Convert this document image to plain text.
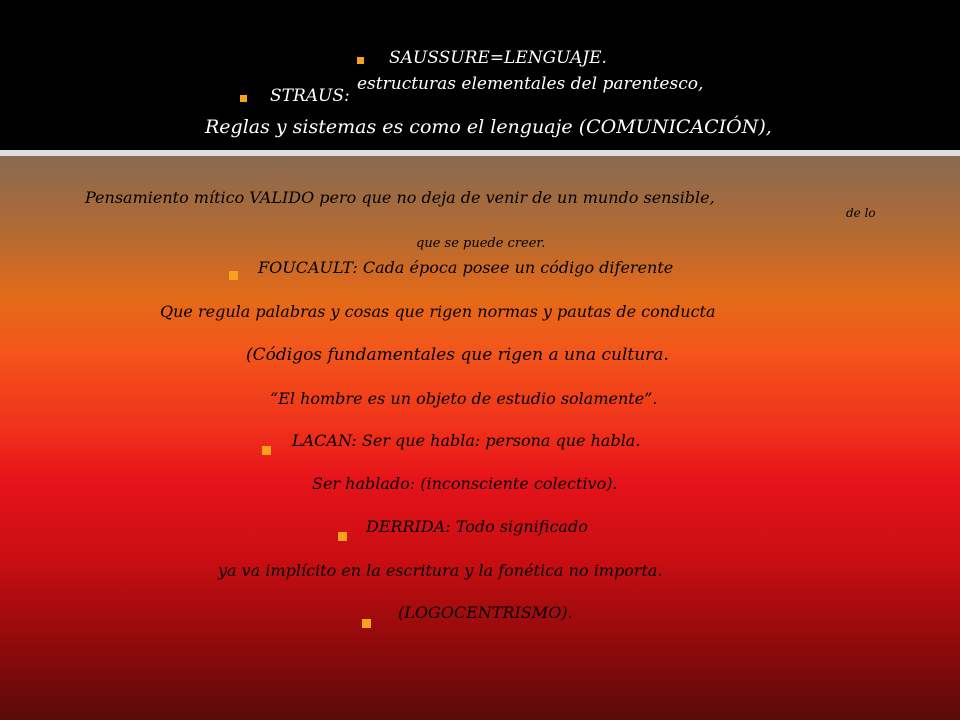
SAUSSURE=LENGUAJE.
STRAUS:
estructuras elementales del parentesco,
Reglas y sistemas es como el lenguaje (COMUNICACIÓN),
Pensamiento mítico VALIDO pero que no deja de venir de un mundo sensible,
de lo
que se puede creer.
FOUCAULT: Cada época posee un código diferente
Que regula palabras y cosas que rigen normas y pautas de conducta
(Códigos fundamentales que rigen a una cultura.
“El hombre es un objeto de estudio solamente”.
LACAN: Ser que habla: persona que habla.
Ser hablado: (inconsciente colectivo).
DERRIDA: Todo significado
ya va implícito en la escritura y la fonética no importa.
(LOGOCENTRISMO).
